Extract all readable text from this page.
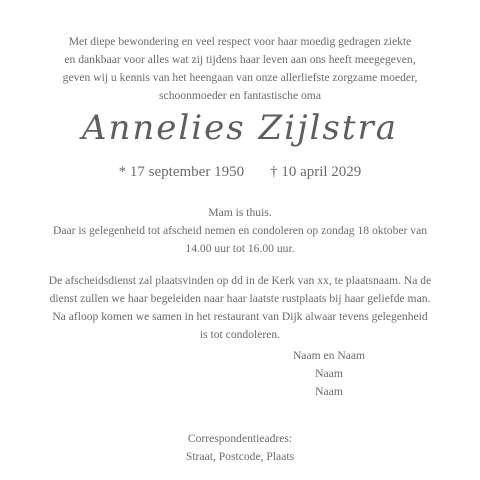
Met diepe bewondering en veel respect voor haar moedig gedragen ziekte
en dankbaar voor alles wat zij tijdens haar leven aan ons heeft meegegeven,
geven wij u kennis van het heengaan van onze allerliefste zorgzame moeder,
schoonmoeder en fantastische oma
Annelies Zijlstra
* 17 september 1950 † 10 april 2029
Mam is thuis.
Daar is gelegenheid tot afscheid nemen en condoleren op zondag 18 oktober van
14.00 uur tot 16.00 uur.
De afscheidsdienst zal plaatsvinden op dd in de Kerk van xx, te plaatsnaam. Na de
dienst zullen we haar begeleiden naar haar laatste rustplaats bij haar geliefde man.
Na afloop komen we samen in het restaurant van Dijk alwaar tevens gelegenheid
is tot condoleren.
Naam en Naam
Naam
Naam
Correspondentieadres:
Straat, Postcode, Plaats
